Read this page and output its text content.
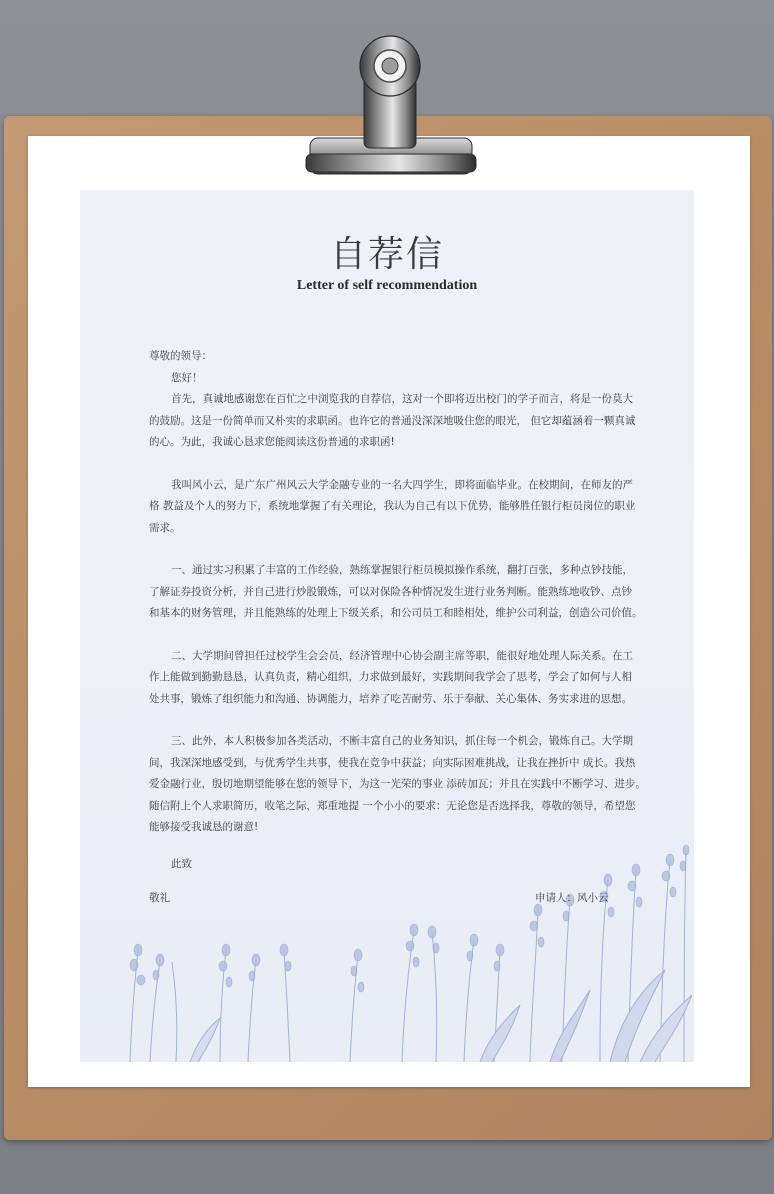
自荐信
Letter of self recommendation
尊敬的领导：
您好！
首先，真诚地感谢您在百忙之中浏览我的自荐信，这对一个即将迈出校门的学子而言，将是一份莫大
的鼓励。这是一份简单而又朴实的求职函。也许它的普通没深深地吸住您的眼光， 但它却蕴涵着一颗真诚
的心。为此，我诚心恳求您能阅读这份普通的求职函!
我叫风小云，是广东广州风云大学金融专业的一名大四学生，即将面临毕业。在校期间，在师友的严
格 教益及个人的努力下，系统地掌握了有关理论，我认为自己有以下优势，能够胜任银行柜员岗位的职业
需求。
一、通过实习积累了丰富的工作经验，熟练掌握银行柜员模拟操作系统，翻打百张，多种点钞技能，
了解证券投资分析，并自己进行炒股锻炼，可以对保险各种情况发生进行业务判断。能熟练地收钞、点钞
和基本的财务管理，并且能熟练的处理上下级关系，和公司员工和睦相处，维护公司利益，创造公司价值。
二、大学期间曾担任过校学生会会员，经济管理中心协会副主席等职，能很好地处理人际关系。在工
作上能做到勤勤恳恳，认真负责，精心组织，力求做到最好，实践期间我学会了思考，学会了如何与人相
处共事，锻炼了组织能力和沟通、协调能力，培养了吃苦耐劳、乐于奉献、关心集体、务实求进的思想。
三、此外，本人积极参加各类活动，不断丰富自己的业务知识，抓住每一个机会，锻炼自己。大学期
间，我深深地感受到，与优秀学生共事，使我在竞争中获益；向实际困难挑战，让我在挫折中 成长。我热
爱金融行业，殷切地期望能够在您的领导下，为这一光荣的事业 添砖加瓦；并且在实践中不断学习、进步。
随信附上个人求职简历，收笔之际，郑重地提 一个小小的要求：无论您是否选择我，尊敬的领导，希望您
能够接受我诚恳的谢意!
此致
敬礼	申请人：风小云
